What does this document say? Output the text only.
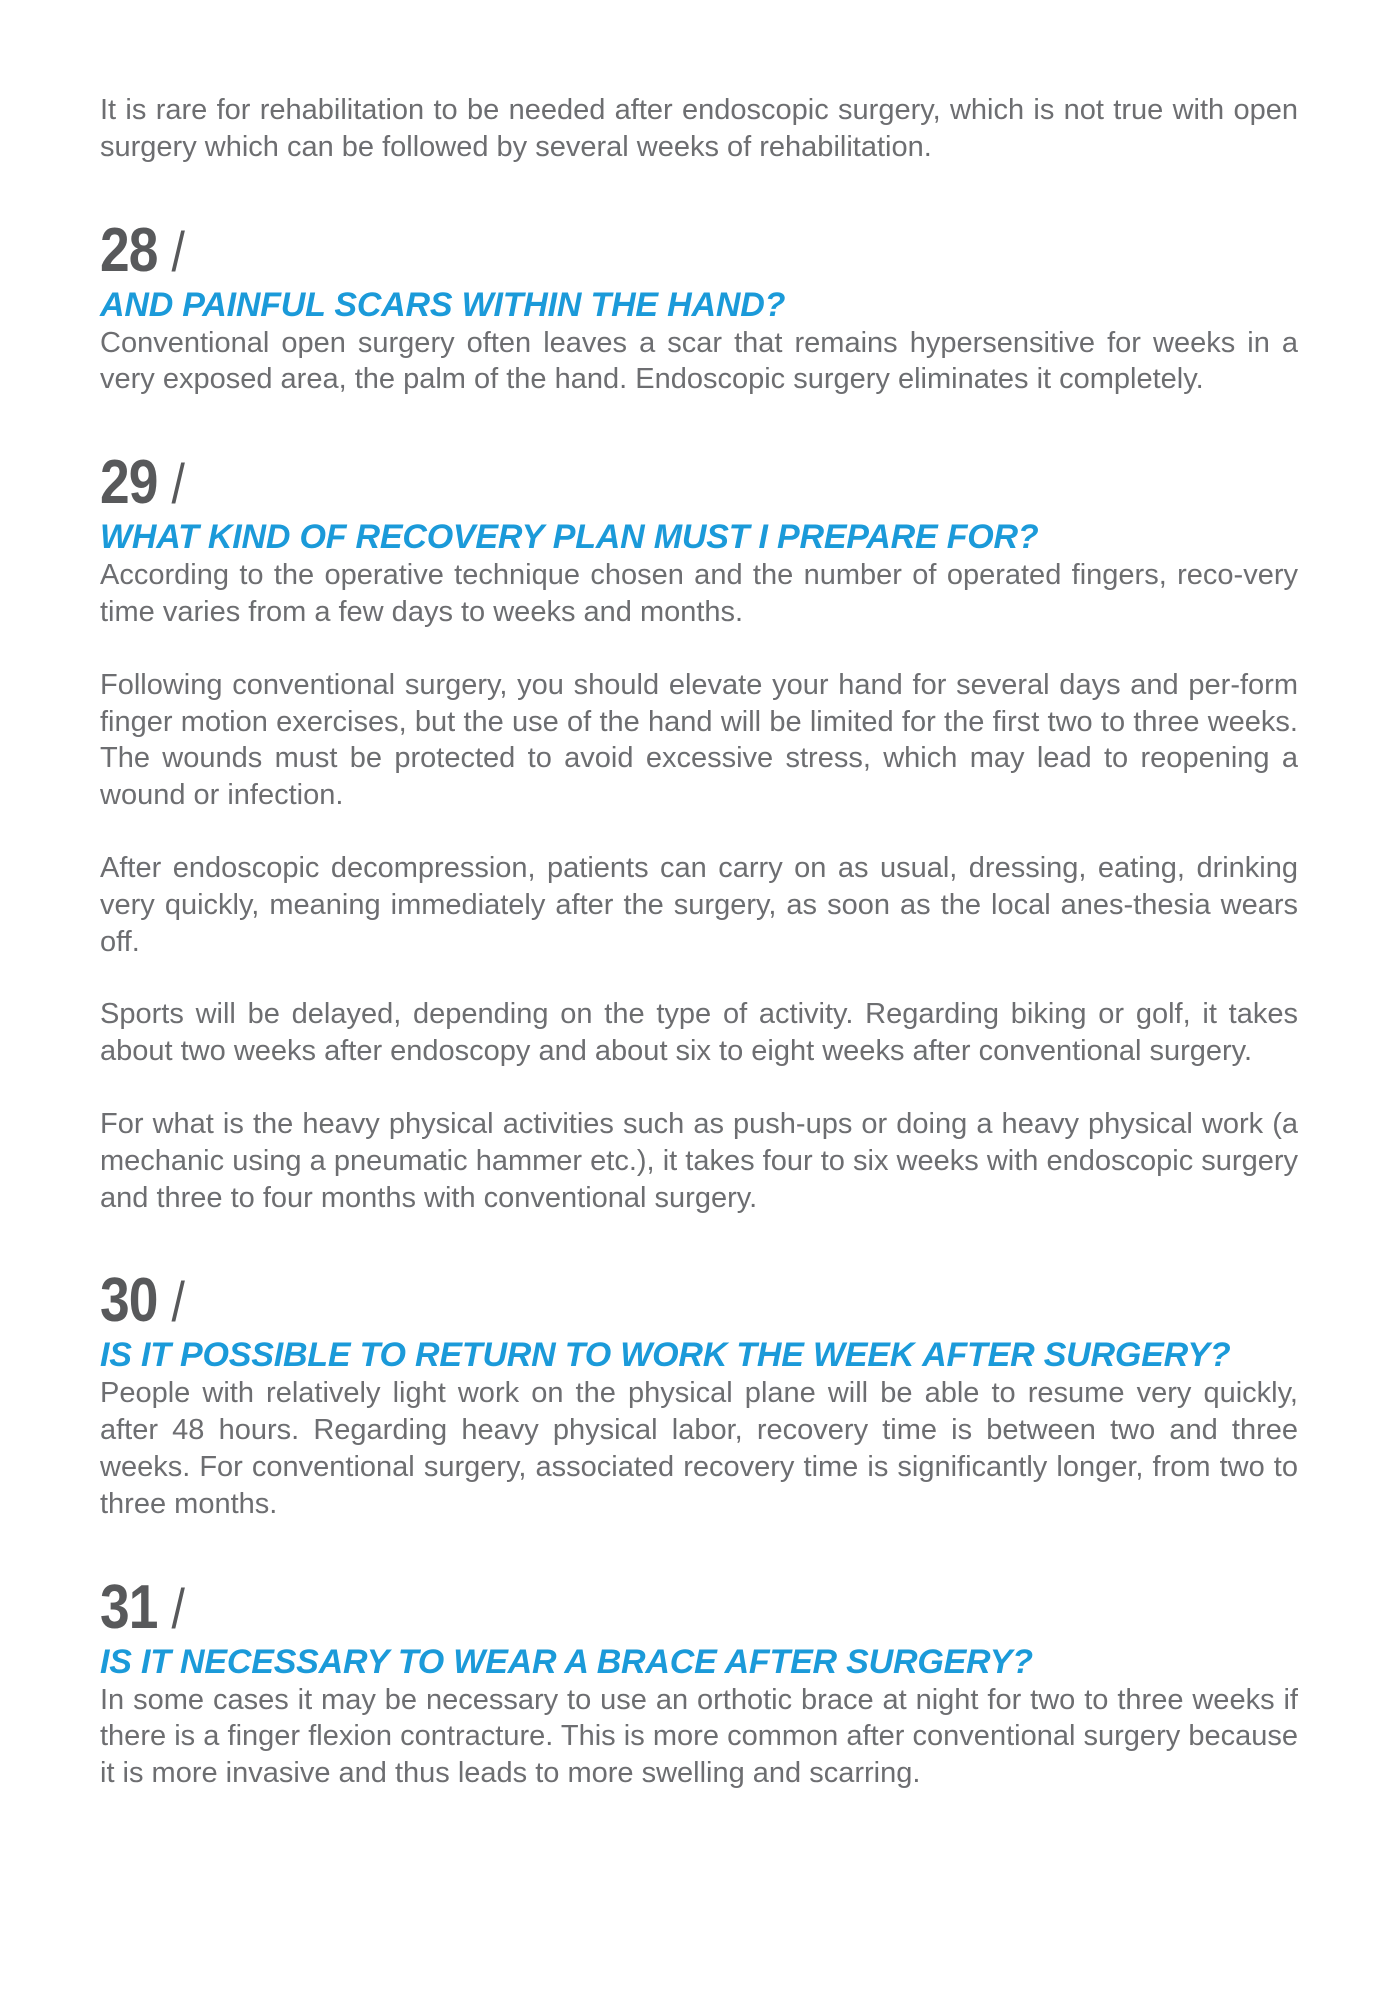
It is rare for rehabilitation to be needed after endoscopic surgery, which is not true with open surgery which can be followed by several weeks of rehabilitation.

28 /
AND PAINFUL SCARS WITHIN THE HAND?

Conventional open surgery often leaves a scar that remains hypersensitive for weeks in a very exposed area, the palm of the hand. Endoscopic surgery eliminates it completely.

29 /
WHAT KIND OF RECOVERY PLAN MUST I PREPARE FOR?

According to the operative technique chosen and the number of operated fingers, reco-very time varies from a few days to weeks and months.

Following conventional surgery, you should elevate your hand for several days and per-form finger motion exercises, but the use of the hand will be limited for the first two to three weeks. The wounds must be protected to avoid excessive stress, which may lead to reopening a wound or infection.

After endoscopic decompression, patients can carry on as usual, dressing, eating, drinking very quickly, meaning immediately after the surgery, as soon as the local anes-thesia wears off.

Sports will be delayed, depending on the type of activity. Regarding biking or golf, it takes about two weeks after endoscopy and about six to eight weeks after conventional surgery.

For what is the heavy physical activities such as push-ups or doing a heavy physical work (a mechanic using a pneumatic hammer etc.), it takes four to six weeks with endoscopic surgery and three to four months with conventional surgery.

30 /
IS IT POSSIBLE TO RETURN TO WORK THE WEEK AFTER SURGERY?

People with relatively light work on the physical plane will be able to resume very quickly, after 48 hours. Regarding heavy physical labor, recovery time is between two and three weeks. For conventional surgery, associated recovery time is significantly longer, from two to three months.

31 /
IS IT NECESSARY TO WEAR A BRACE AFTER SURGERY?

In some cases it may be necessary to use an orthotic brace at night for two to three weeks if there is a finger flexion contracture. This is more common after conventional surgery because it is more invasive and thus leads to more swelling and scarring.
